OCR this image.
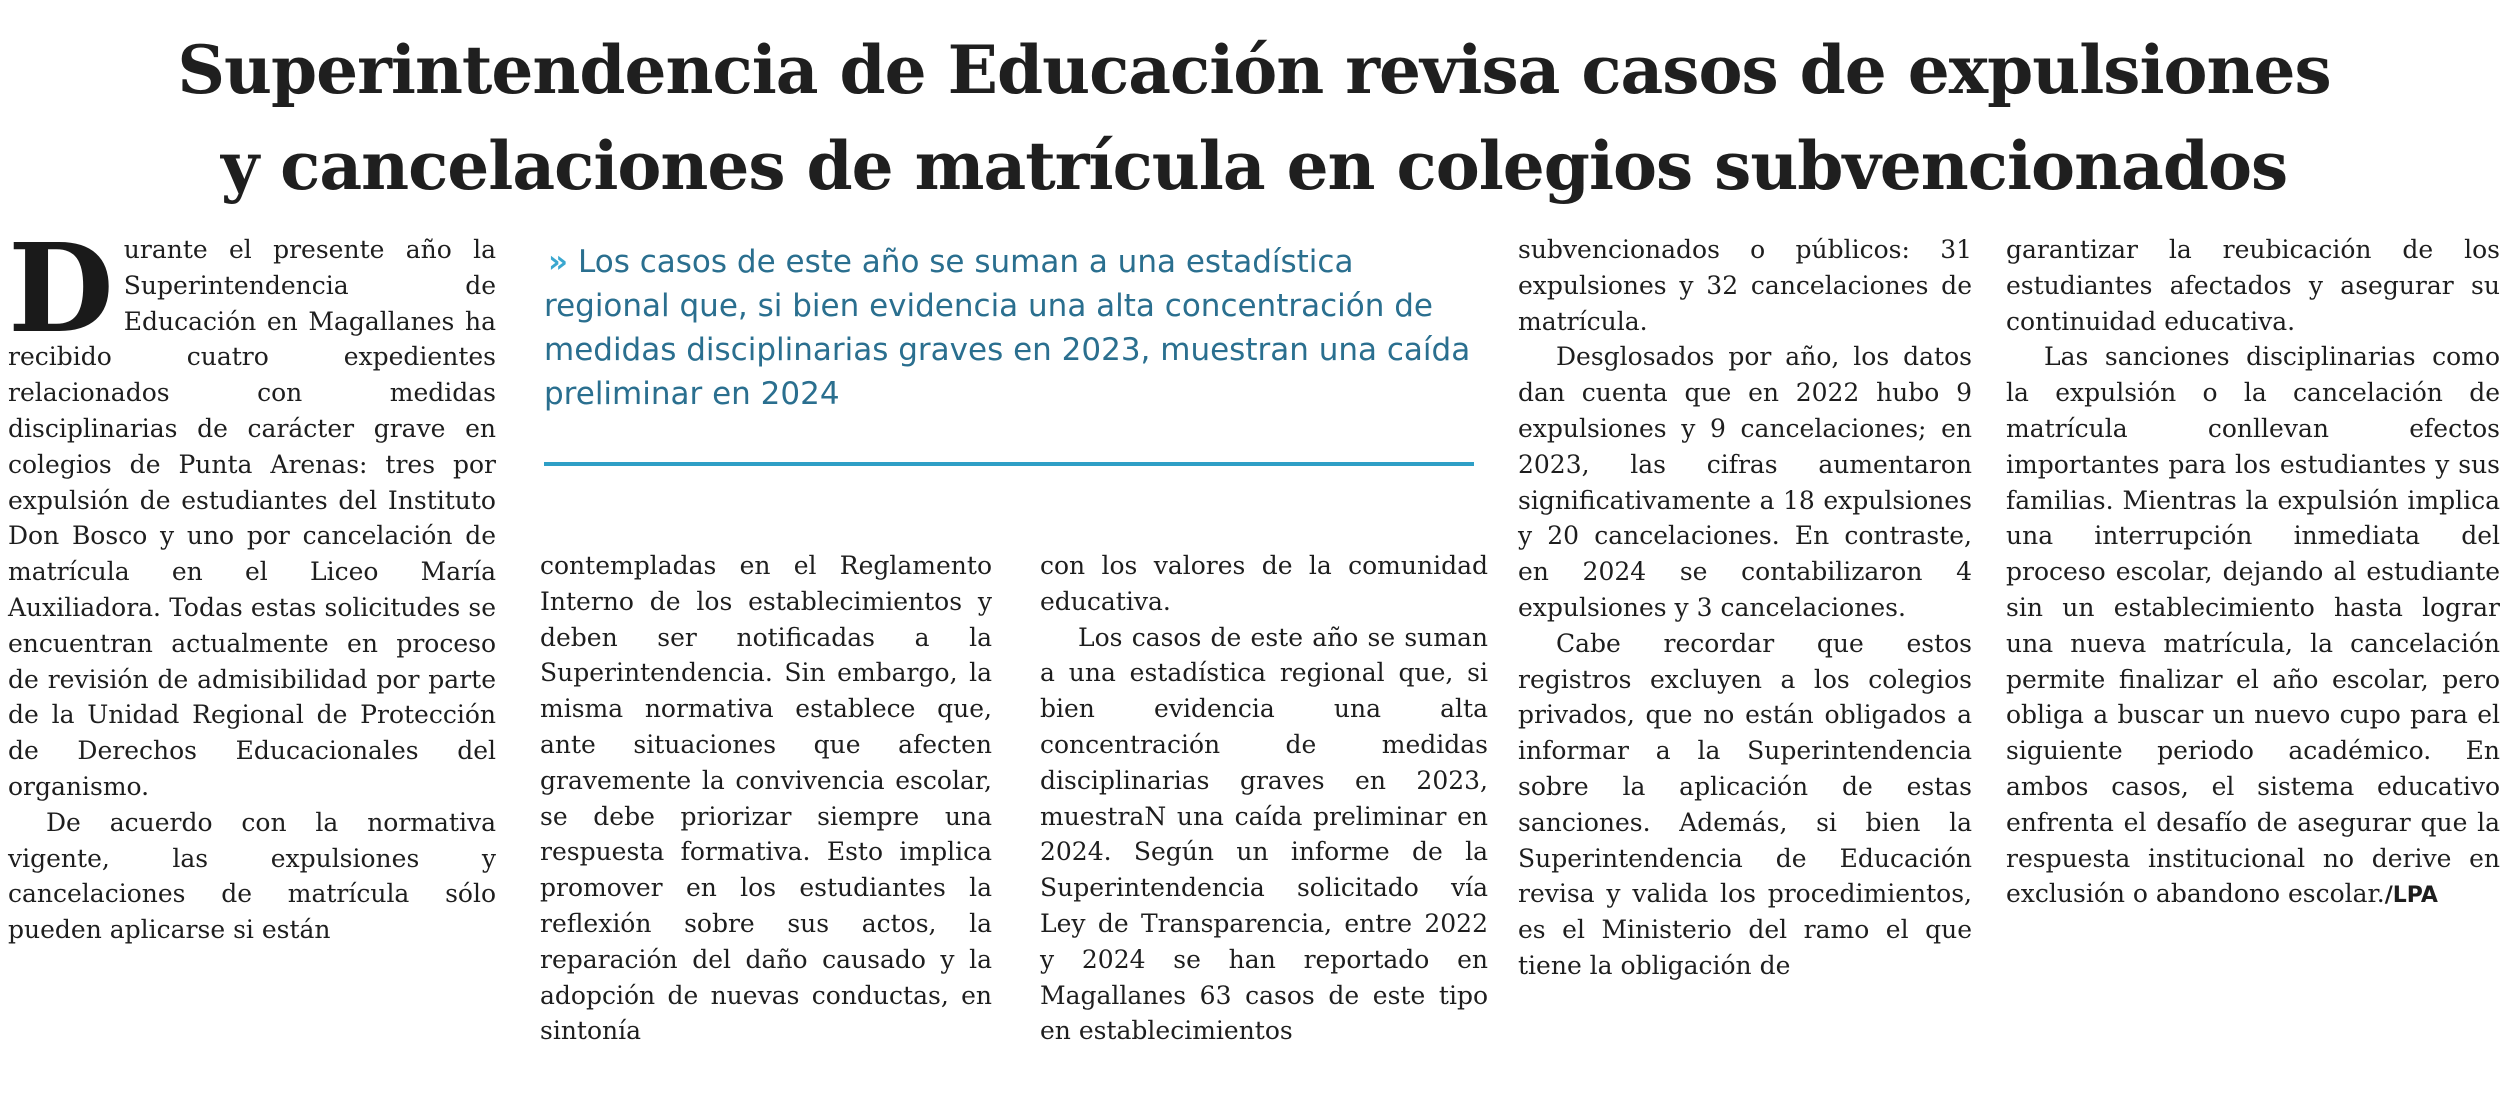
Superintendencia de Educación revisa casos de expulsiones
y cancelaciones de matrícula en colegios subvencionados

Durante el presente año la Superintendencia de Educación en Magallanes ha recibido cuatro expedientes relacionados con medidas disciplinarias de carácter grave en colegios de Punta Arenas: tres por expulsión de estudiantes del Instituto Don Bosco y uno por cancelación de matrícula en el Liceo María Auxiliadora. Todas estas solicitudes se encuentran actualmente en proceso de revisión de admisibilidad por parte de la Unidad Regional de Protección de Derechos Educacionales del organismo.

De acuerdo con la normativa vigente, las expulsiones y cancelaciones de matrícula sólo pueden aplicarse si están

» Los casos de este año se suman a una estadística regional que, si bien evidencia una alta concentración de medidas disciplinarias graves en 2023, muestran una caída preliminar en 2024

contempladas en el Reglamento Interno de los establecimientos y deben ser notificadas a la Superintendencia. Sin embargo, la misma normativa establece que, ante situaciones que afecten gravemente la convivencia escolar, se debe priorizar siempre una respuesta formativa. Esto implica promover en los estudiantes la reflexión sobre sus actos, la reparación del daño causado y la adopción de nuevas conductas, en sintonía

con los valores de la comunidad educativa.

Los casos de este año se suman a una estadística regional que, si bien evidencia una alta concentración de medidas disciplinarias graves en 2023, muestraN una caída preliminar en 2024. Según un informe de la Superintendencia solicitado vía Ley de Transparencia, entre 2022 y 2024 se han reportado en Magallanes 63 casos de este tipo en establecimientos

subvencionados o públicos: 31 expulsiones y 32 cancelaciones de matrícula.

Desglosados por año, los datos dan cuenta que en 2022 hubo 9 expulsiones y 9 cancelaciones; en 2023, las cifras aumentaron significativamente a 18 expulsiones y 20 cancelaciones. En contraste, en 2024 se contabilizaron 4 expulsiones y 3 cancelaciones.

Cabe recordar que estos registros excluyen a los colegios privados, que no están obligados a informar a la Superintendencia sobre la aplicación de estas sanciones. Además, si bien la Superintendencia de Educación revisa y valida los procedimientos, es el Ministerio del ramo el que tiene la obligación de

garantizar la reubicación de los estudiantes afectados y asegurar su continuidad educativa.

Las sanciones disciplinarias como la expulsión o la cancelación de matrícula conllevan efectos importantes para los estudiantes y sus familias. Mientras la expulsión implica una interrupción inmediata del proceso escolar, dejando al estudiante sin un establecimiento hasta lograr una nueva matrícula, la cancelación permite finalizar el año escolar, pero obliga a buscar un nuevo cupo para el siguiente periodo académico. En ambos casos, el sistema educativo enfrenta el desafío de asegurar que la respuesta institucional no derive en exclusión o abandono escolar./LPA
